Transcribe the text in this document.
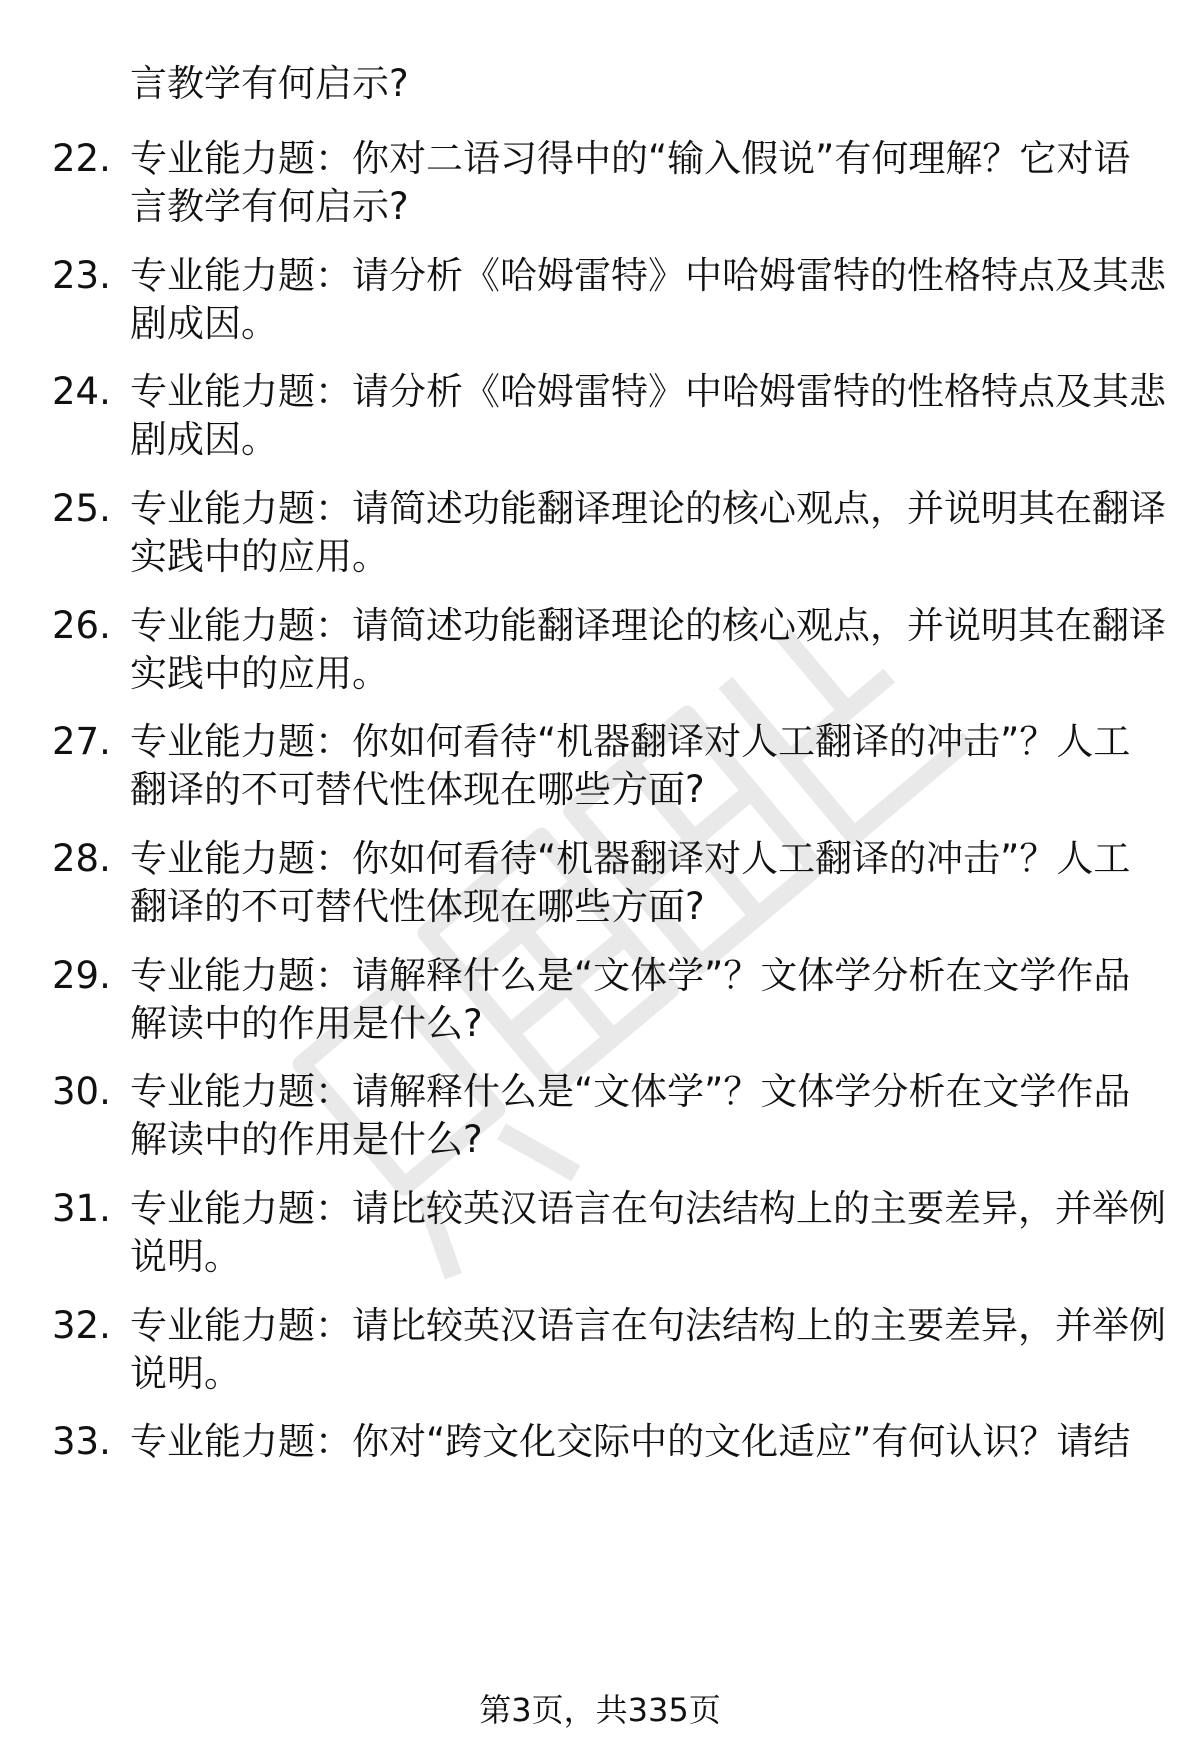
言教学有何启示?
22. 专业能力题：你对二语习得中的“输入假说”有何理解？它对语
言教学有何启示?
23. 专业能力题：请分析《哈姆雷特》中哈姆雷特的性格特点及其悲
剧成因。
24. 专业能力题：请分析《哈姆雷特》中哈姆雷特的性格特点及其悲
剧成因。
25. 专业能力题：请简述功能翻译理论的核心观点，并说明其在翻译
实践中的应用。
26. 专业能力题：请简述功能翻译理论的核心观点，并说明其在翻译
实践中的应用。
27. 专业能力题：你如何看待“机器翻译对人工翻译的冲击”？人工
翻译的不可替代性体现在哪些方面?
28. 专业能力题：你如何看待“机器翻译对人工翻译的冲击”？人工
翻译的不可替代性体现在哪些方面?
29. 专业能力题：请解释什么是“文体学”？文体学分析在文学作品
解读中的作用是什么?
30. 专业能力题：请解释什么是“文体学”？文体学分析在文学作品
解读中的作用是什么?
31. 专业能力题：请比较英汉语言在句法结构上的主要差异，并举例
说明。
32. 专业能力题：请比较英汉语言在句法结构上的主要差异，并举例
说明。
33. 专业能力题：你对“跨文化交际中的文化适应”有何认识？请结
第3页，共335页
